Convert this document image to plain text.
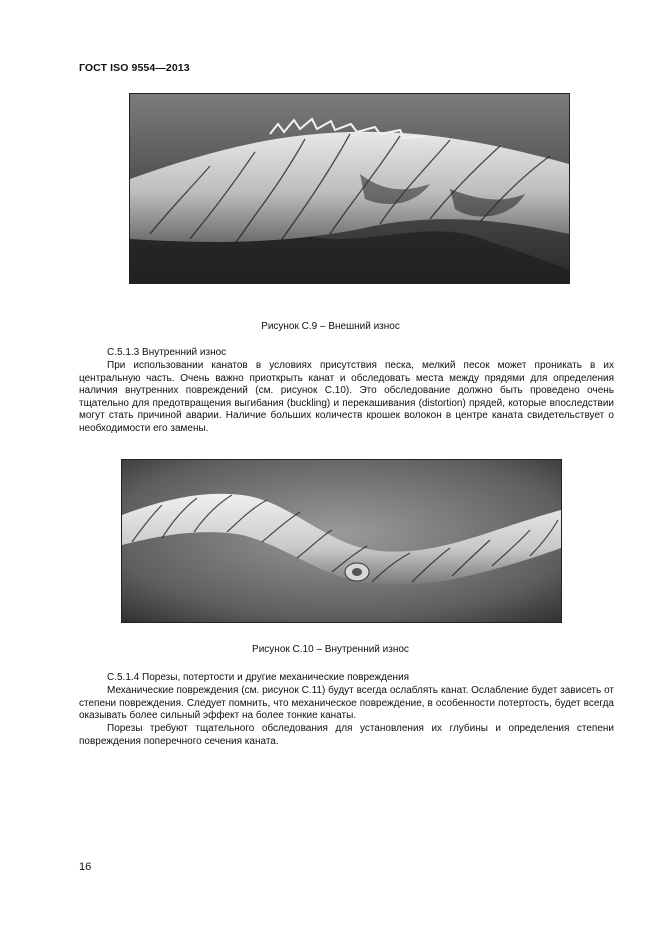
ГОСТ ISO 9554—2013
Рисунок С.9 – Внешний износ
С.5.1.3 Внутренний износ

При использовании канатов в условиях присутствия песка, мелкий песок может проникать в их центральную часть. Очень важно приоткрыть канат и обследовать места между прядями для определения наличия внутренних повреждений (см. рисунок С.10). Это обследование должно быть проведено очень тщательно для предотвращения выгибания (buckling) и перекашивания (distortion) прядей, которые впоследствии могут стать причиной аварии. Наличие больших количеств крошек волокон в центре каната свидетельствует о необходимости его замены.

Рисунок С.10 – Внутренний износ
С.5.1.4 Порезы, потертости и другие механические повреждения

Механические повреждения (см. рисунок С.11) будут всегда ослаблять канат. Ослабление будет зависеть от степени повреждения. Следует помнить, что механическое повреждение, в особенности потертость, будет всегда оказывать более сильный эффект на более тонкие канаты.

Порезы требуют тщательного обследования для установления их глубины и определения степени повреждения поперечного сечения каната.

16
